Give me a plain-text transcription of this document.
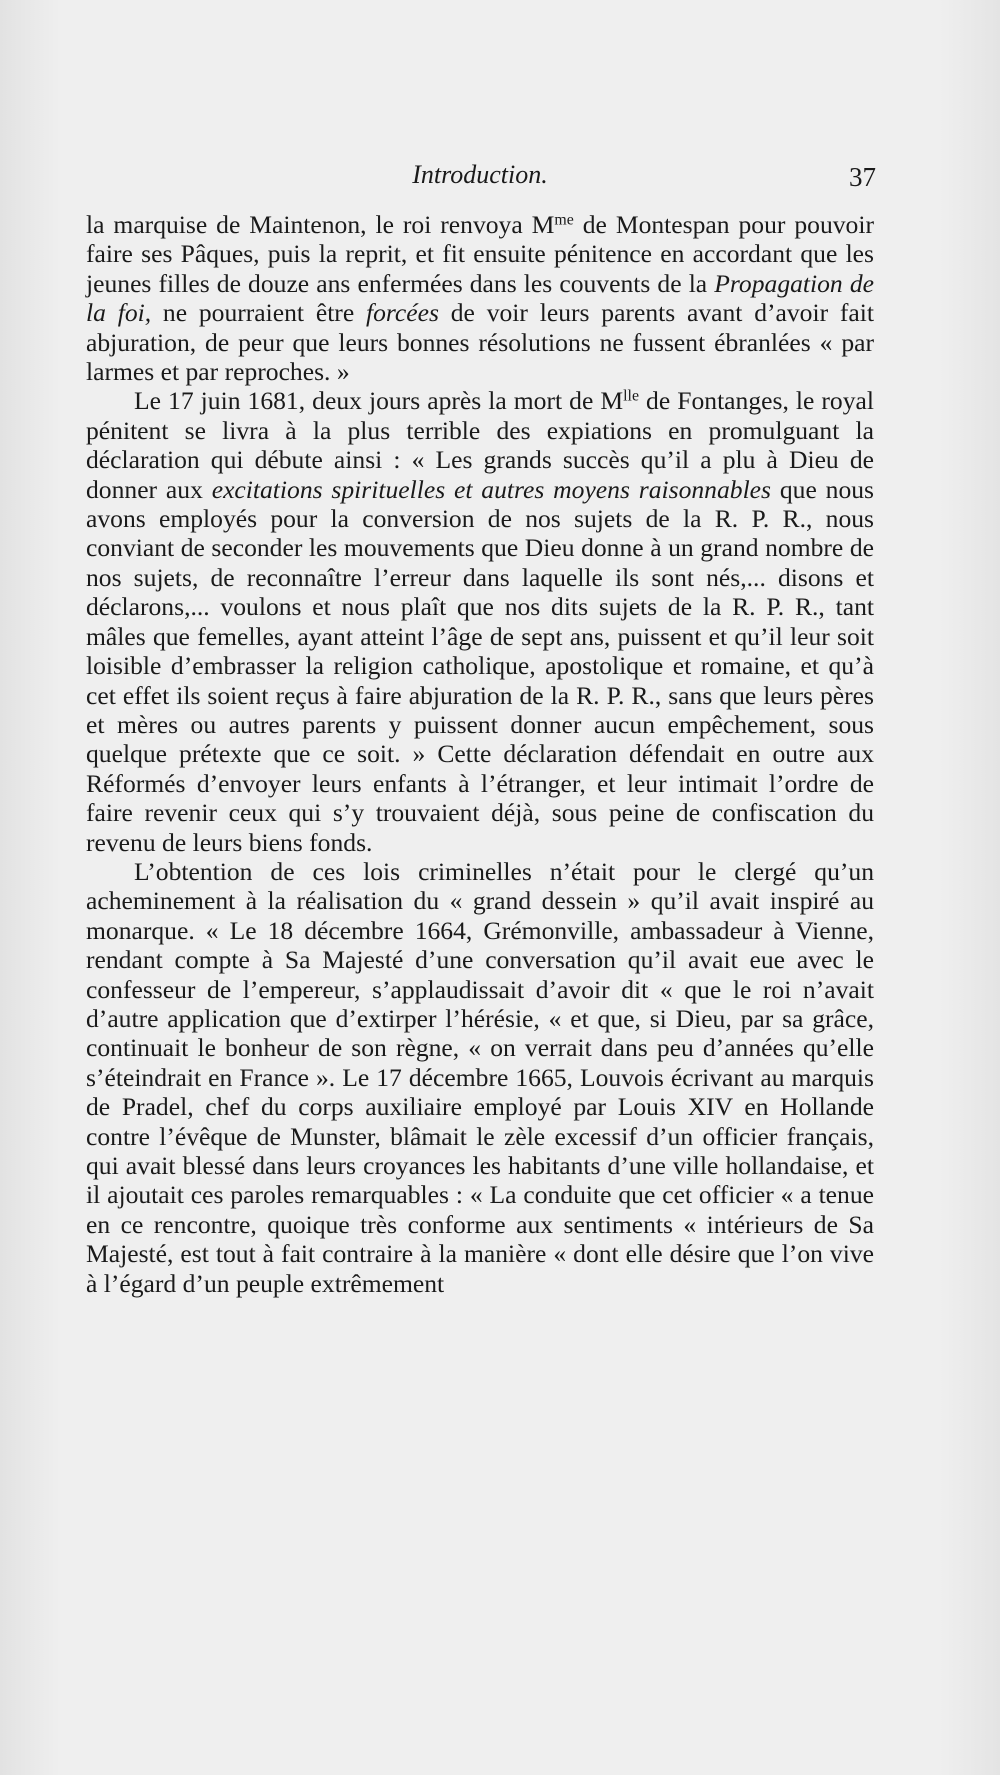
Introduction.	37

la marquise de Maintenon, le roi renvoya $M^{me}$ de Montespan pour pouvoir faire ses Pâques, puis la reprit, et fit ensuite pénitence en accordant que les jeunes filles de douze ans enfermées dans les couvents de la Propagation de la foi, ne pourraient être forcées de voir leurs parents avant d’avoir fait abjuration, de peur que leurs bonnes résolutions ne fussent ébranlées « par larmes et par reproches. »

Le 17 juin 1681, deux jours après la mort de $M^{lle}$ de Fontanges, le royal pénitent se livra à la plus terrible des expiations en promulguant la déclaration qui débute ainsi : « Les grands succès qu’il a plu à Dieu de donner aux excitations spirituelles et autres moyens raisonnables que nous avons employés pour la conversion de nos sujets de la R. P. R., nous conviant de seconder les mouvements que Dieu donne à un grand nombre de nos sujets, de reconnaître l’erreur dans laquelle ils sont nés,... disons et déclarons,... voulons et nous plaît que nos dits sujets de la R. P. R., tant mâles que femelles, ayant atteint l’âge de sept ans, puissent et qu’il leur soit loisible d’embrasser la religion catholique, apostolique et romaine, et qu’à cet effet ils soient reçus à faire abjuration de la R. P. R., sans que leurs pères et mères ou autres parents y puissent donner aucun empêchement, sous quelque prétexte que ce soit. » Cette déclaration défendait en outre aux Réformés d’envoyer leurs enfants à l’étranger, et leur intimait l’ordre de faire revenir ceux qui s’y trouvaient déjà, sous peine de confiscation du revenu de leurs biens fonds.

L’obtention de ces lois criminelles n’était pour le clergé qu’un acheminement à la réalisation du « grand dessein » qu’il avait inspiré au monarque. « Le 18 décembre 1664, Grémonville, ambassadeur à Vienne, rendant compte à Sa Majesté d’une conversation qu’il avait eue avec le confesseur de l’empereur, s’applaudissait d’avoir dit « que le roi n’avait d’autre application que d’extirper l’hérésie, « et que, si Dieu, par sa grâce, continuait le bonheur de son règne, « on verrait dans peu d’années qu’elle s’éteindrait en France ». Le 17 décembre 1665, Louvois écrivant au marquis de Pradel, chef du corps auxiliaire employé par Louis XIV en Hollande contre l’évêque de Munster, blâmait le zèle excessif d’un officier français, qui avait blessé dans leurs croyances les habitants d’une ville hollandaise, et il ajoutait ces paroles remarquables : « La conduite que cet officier « a tenue en ce rencontre, quoique très conforme aux sentiments « intérieurs de Sa Majesté, est tout à fait contraire à la manière « dont elle désire que l’on vive à l’égard d’un peuple extrêmement
